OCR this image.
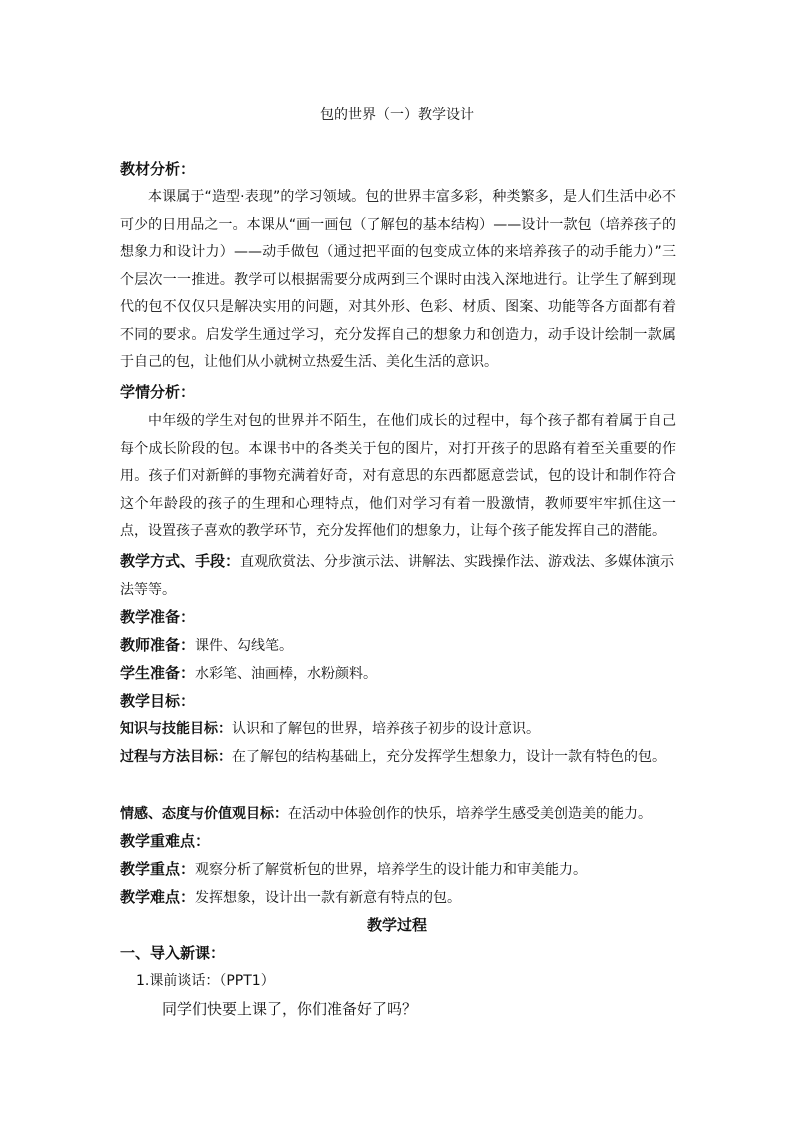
包的世界（一）教学设计
教材分析：
本课属于“造型·表现”的学习领域。包的世界丰富多彩，种类繁多，是人们生活中必不可少的日用品之一。本课从“画一画包（了解包的基本结构）——设计一款包（培养孩子的想象力和设计力）——动手做包（通过把平面的包变成立体的来培养孩子的动手能力）”三个层次一一推进。教学可以根据需要分成两到三个课时由浅入深地进行。让学生了解到现代的包不仅仅只是解决实用的问题，对其外形、色彩、材质、图案、功能等各方面都有着不同的要求。启发学生通过学习，充分发挥自己的想象力和创造力，动手设计绘制一款属于自己的包，让他们从小就树立热爱生活、美化生活的意识。
学情分析：
中年级的学生对包的世界并不陌生，在他们成长的过程中，每个孩子都有着属于自己每个成长阶段的包。本课书中的各类关于包的图片，对打开孩子的思路有着至关重要的作用。孩子们对新鲜的事物充满着好奇，对有意思的东西都愿意尝试，包的设计和制作符合这个年龄段的孩子的生理和心理特点，他们对学习有着一股激情，教师要牢牢抓住这一点，设置孩子喜欢的教学环节，充分发挥他们的想象力，让每个孩子能发挥自己的潜能。
教学方式、手段：直观欣赏法、分步演示法、讲解法、实践操作法、游戏法、多媒体演示法等等。
教学准备：
教师准备：课件、勾线笔。
学生准备：水彩笔、油画棒，水粉颜料。
教学目标：
知识与技能目标：认识和了解包的世界，培养孩子初步的设计意识。
过程与方法目标：在了解包的结构基础上，充分发挥学生想象力，设计一款有特色的包。
情感、态度与价值观目标：在活动中体验创作的快乐，培养学生感受美创造美的能力。
教学重难点：
教学重点：观察分析了解赏析包的世界，培养学生的设计能力和审美能力。
教学难点：发挥想象，设计出一款有新意有特点的包。
教学过程
一、导入新课：
1.课前谈话：（PPT1）
同学们快要上课了，你们准备好了吗？
